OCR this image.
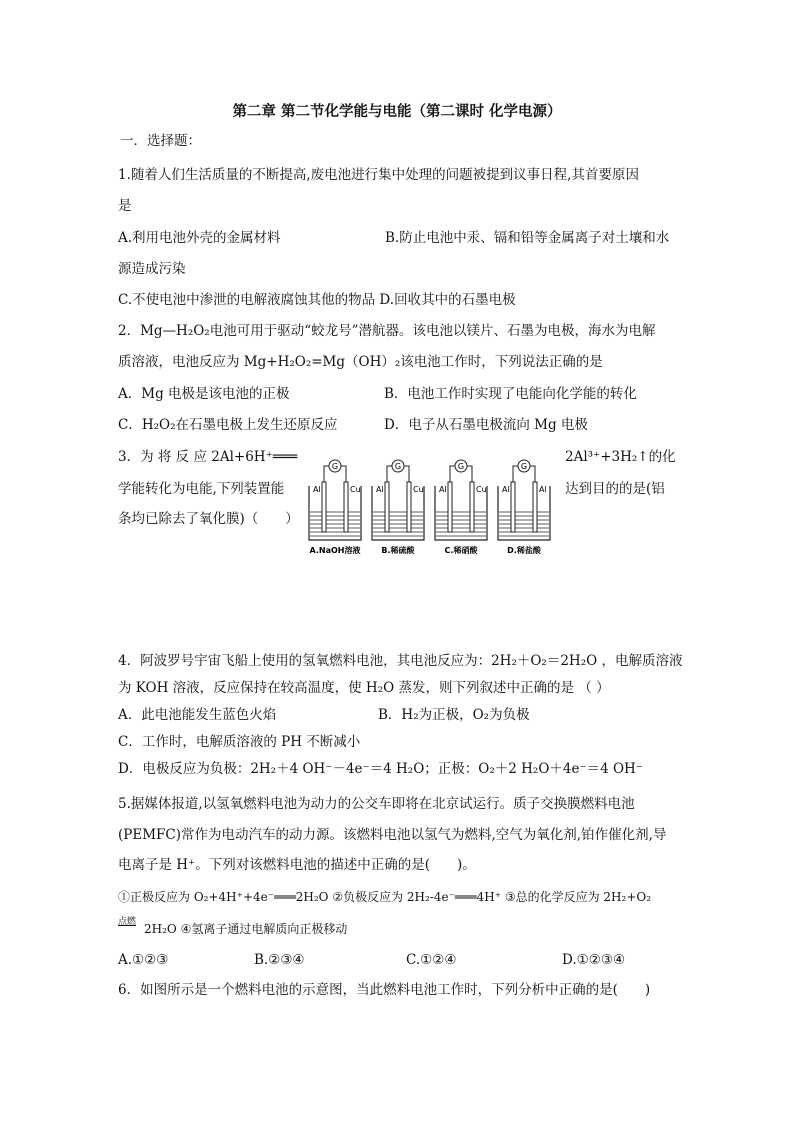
第二章 第二节化学能与电能（第二课时 化学电源）
一．选择题：
1.随着人们生活质量的不断提高,废电池进行集中处理的问题被提到议事日程,其首要原因
是
A.利用电池外壳的金属材料	B.防止电池中汞、镉和铅等金属离子对土壤和水
源造成污染
C.不使电池中渗泄的电解液腐蚀其他的物品 D.回收其中的石墨电极
2．Mg—H₂O₂电池可用于驱动“蛟龙号”潜航器。该电池以镁片、石墨为电极，海水为电解
质溶液，电池反应为 Mg+H₂O₂=Mg（OH）₂该电池工作时，下列说法正确的是
A．Mg 电极是该电池的正极	B．电池工作时实现了电能向化学能的转化
C．H₂O₂在石墨电极上发生还原反应	D．电子从石墨电极流向 Mg 电极
3．为 将 反 应 2Al+6H⁺═══
学能转化为电能,下列装置能
条均已除去了氧化膜)（　　）
2Al³⁺+3H₂↑的化
达到目的的是(铝
G
Al	Cu
A.NaOH溶液
G
Al	Cu
B.稀硫酸
G
Al	Cu
C.稀硝酸
G
Al	Al
D.稀盐酸
4．阿波罗号宇宙飞船上使用的氢氧燃料电池，其电池反应为：2H₂＋O₂＝2H₂O ，电解质溶液
为 KOH 溶液，反应保持在较高温度，使 H₂O 蒸发，则下列叙述中正确的是 （ ）
A．此电池能发生蓝色火焰	B．H₂为正极，O₂为负极
C．工作时，电解质溶液的 PH 不断减小
D．电极反应为负极：2H₂＋4 OH⁻－4e⁻＝4 H₂O；正极：O₂＋2 H₂O＋4e⁻＝4 OH⁻
5.据媒体报道,以氢氧燃料电池为动力的公交车即将在北京试运行。质子交换膜燃料电池
(PEMFC)常作为电动汽车的动力源。该燃料电池以氢气为燃料,空气为氧化剂,铂作催化剂,导
电离子是 H⁺。下列对该燃料电池的描述中正确的是(　　)。
①正极反应为 O₂+4H⁺+4e⁻═══2H₂O ②负极反应为 2H₂-4e⁻═══4H⁺ ③总的化学反应为 2H₂+O₂
点燃 2H₂O ④氢离子通过电解质向正极移动
A.①②③	B.②③④	C.①②④	D.①②③④
6．如图所示是一个燃料电池的示意图，当此燃料电池工作时，下列分析中正确的是(　　)
